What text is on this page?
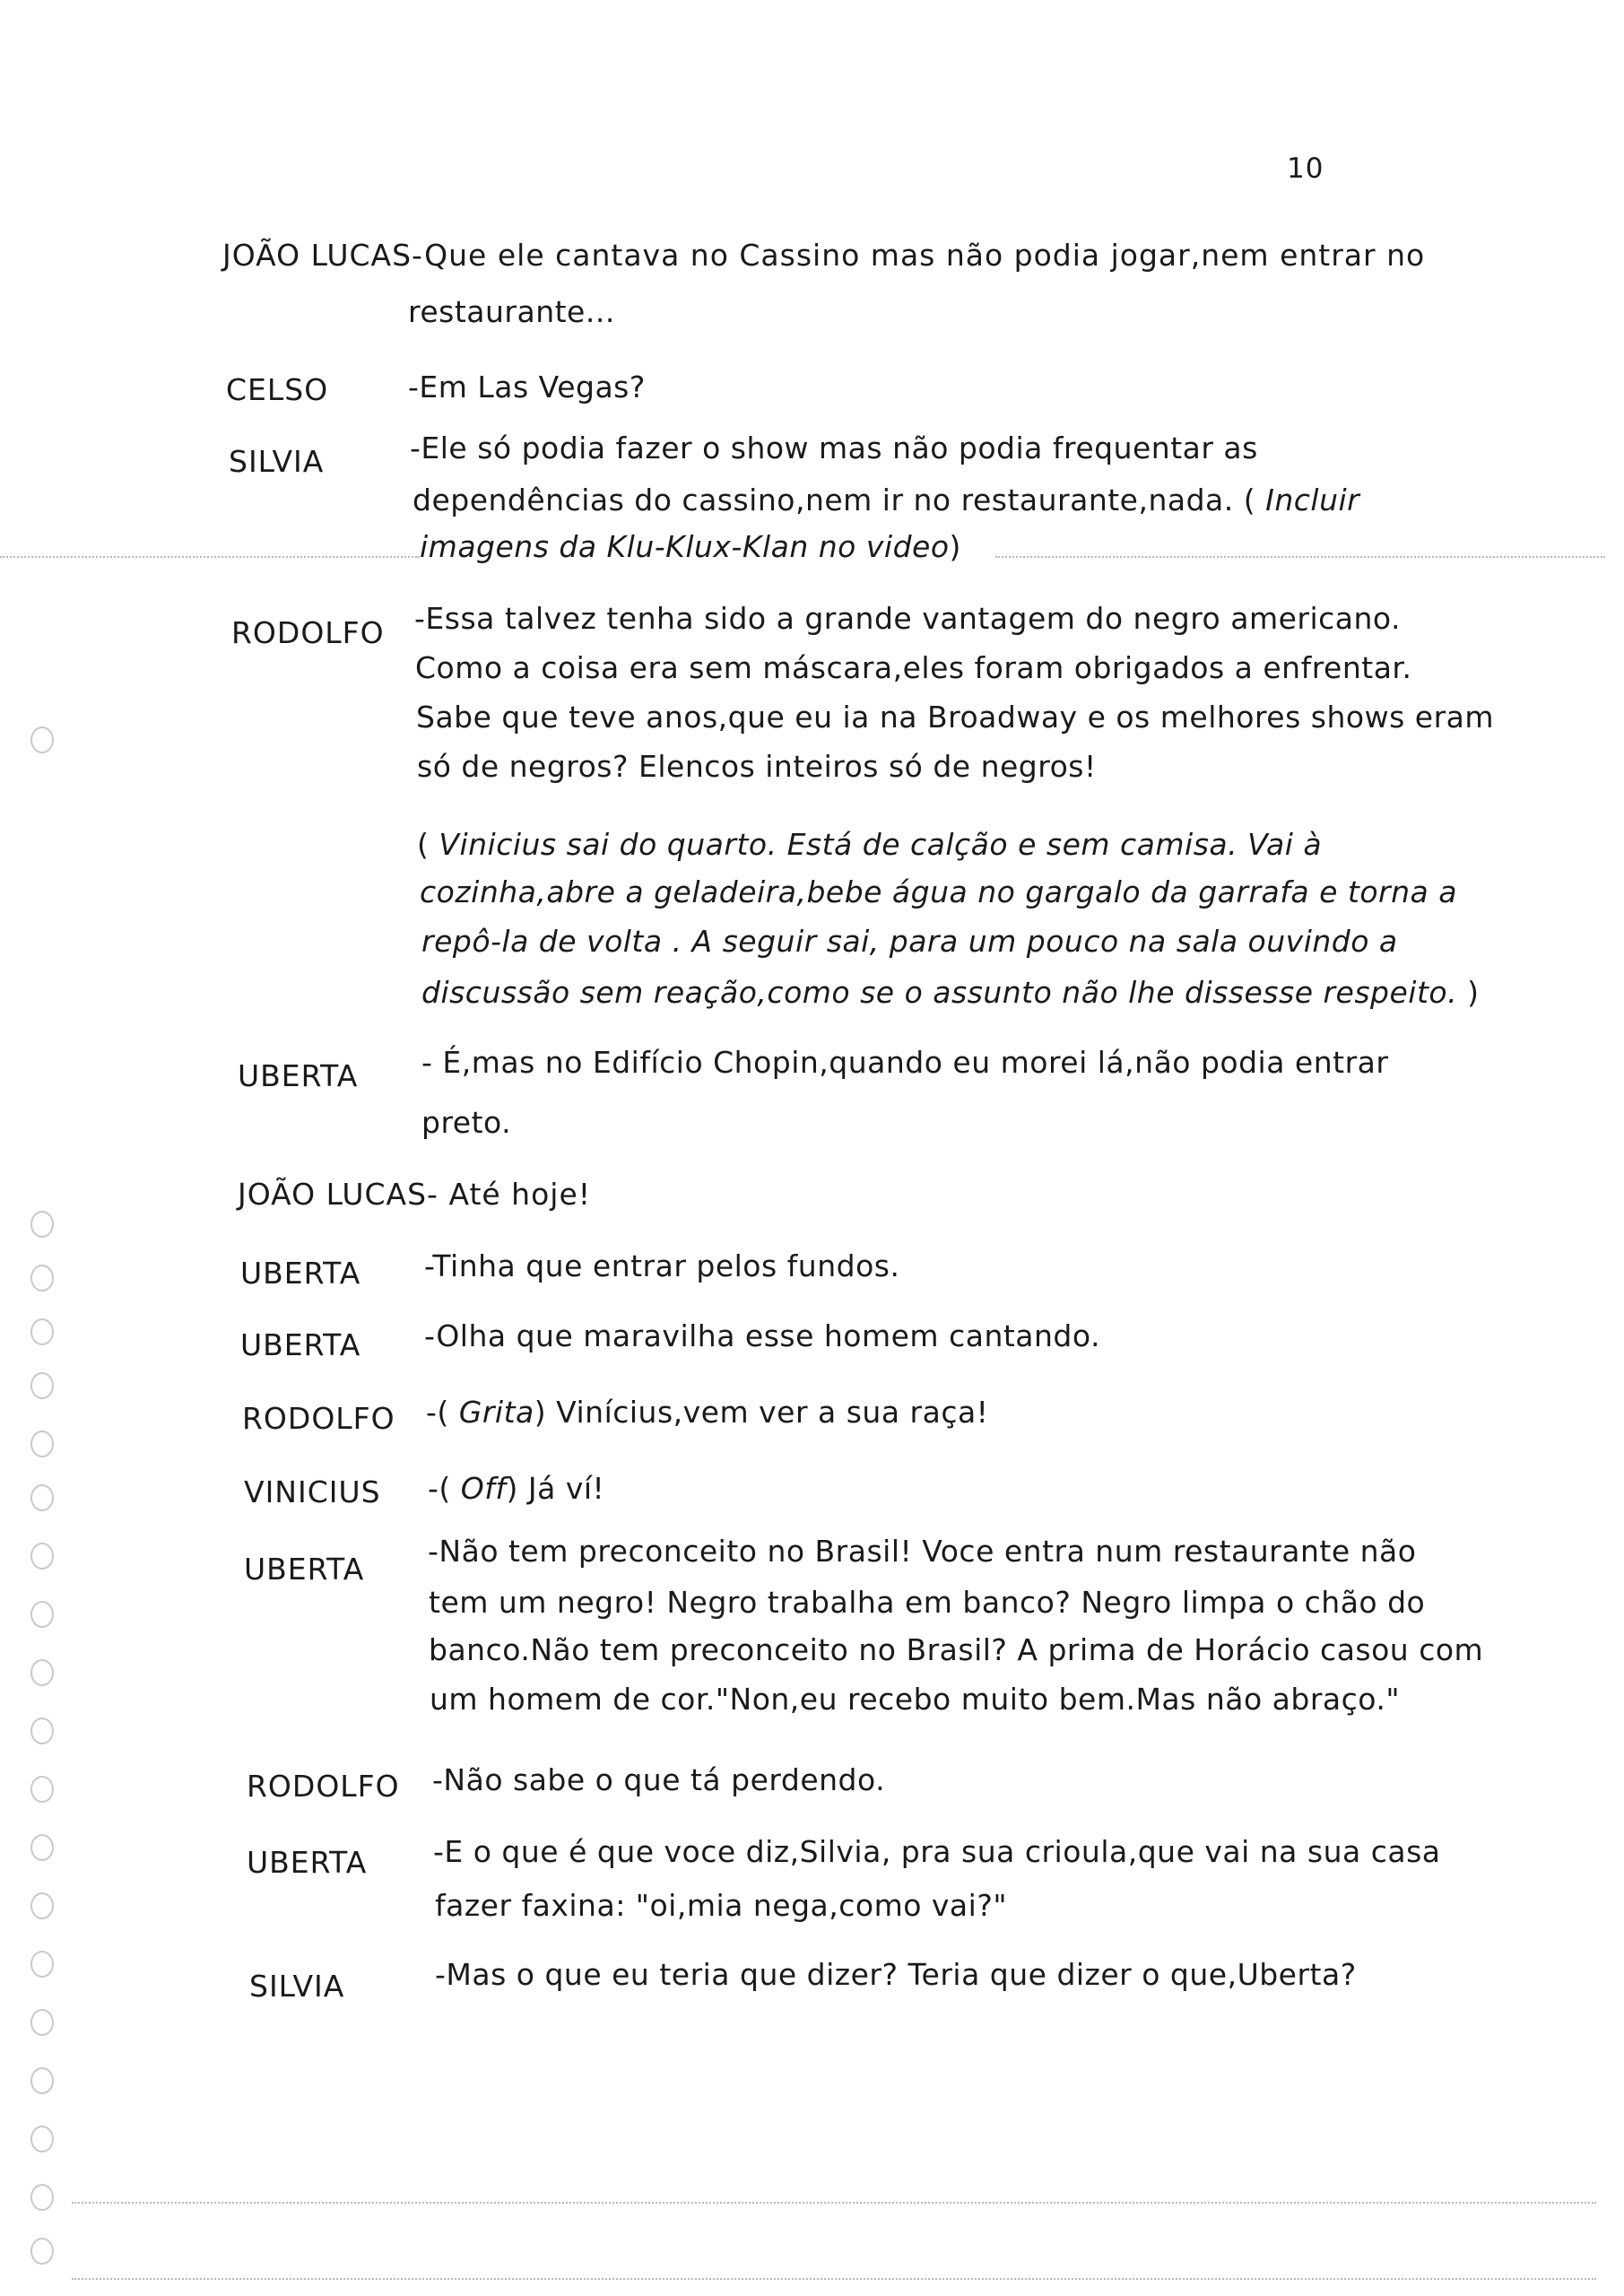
10
JOÃO LUCAS-Que ele cantava no Cassino mas não podia jogar,nem entrar no
restaurante...
CELSO	-Em Las Vegas?
SILVIA	-Ele só podia fazer o show mas não podia frequentar as
dependências do cassino,nem ir no restaurante,nada. ( Incluir
imagens da Klu-Klux-Klan no video)
RODOLFO -Essa talvez tenha sido a grande vantagem do negro americano.
Como a coisa era sem máscara,eles foram obrigados a enfrentar.
Sabe que teve anos,que eu ia na Broadway e os melhores shows eram
só de negros? Elencos inteiros só de negros!
( Vinicius sai do quarto. Está de calção e sem camisa. Vai à
cozinha,abre a geladeira,bebe água no gargalo da garrafa e torna a
repô-la de volta . A seguir sai, para um pouco na sala ouvindo a
discussão sem reação,como se o assunto não lhe dissesse respeito. )
UBERTA - É,mas no Edifício Chopin,quando eu morei lá,não podia entrar
preto.
JOÃO LUCAS- Até hoje!
UBERTA -Tinha que entrar pelos fundos.
UBERTA -Olha que maravilha esse homem cantando.
RODOLFO -( Grita) Vinícius,vem ver a sua raça!
VINICIUS -( Off) Já ví!
UBERTA
-Não tem preconceito no Brasil! Voce entra num restaurante não
tem um negro! Negro trabalha em banco? Negro limpa o chão do
banco.Não tem preconceito no Brasil? A prima de Horácio casou com
um homem de cor."Non,eu recebo muito bem.Mas não abraço."
RODOLFO -Não sabe o que tá perdendo.
UBERTA -E o que é que voce diz,Silvia, pra sua crioula,que vai na sua casa
fazer faxina: "oi,mia nega,como vai?"
SILVIA	-Mas o que eu teria que dizer? Teria que dizer o que,Uberta?
